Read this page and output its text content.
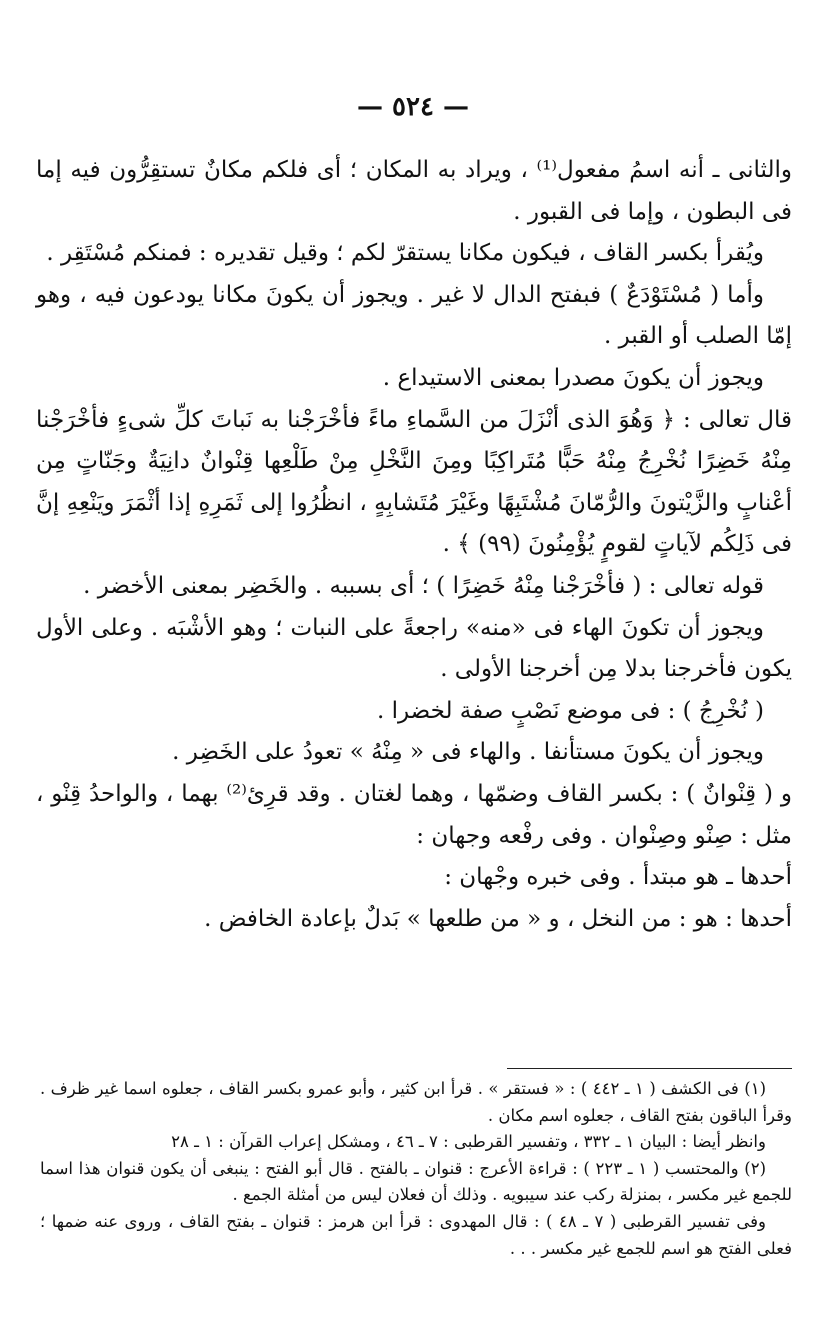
— ٥٢٤ —

والثانى ـ أنه اسمُ مفعول⁽¹⁾ ، ويراد به المكان ؛ أى فلكم مكانٌ تستقِرُّون فيه إما فى البطون ، وإما فى القبور .

ويُقرأ بكسر القاف ، فيكون مكانا يستقرّ لكم ؛ وقيل تقديره : فمنكم مُسْتَقِر .

وأما ( مُسْتَوْدَعٌ ) فبفتح الدال لا غير . ويجوز أن يكونَ مكانا يودعون فيه ، وهو إمّا الصلب أو القبر .

ويجوز أن يكونَ مصدرا بمعنى الاستيداع .

قال تعالى : ﴿ وَهُوَ الذى أنْزَلَ من السَّماءِ ماءً فأخْرَجْنا به نَباتَ كلِّ شىءٍ فأخْرَجْنا مِنْهُ خَضِرًا نُخْرِجُ مِنْهُ حَبًّا مُتَراكِبًا ومِنَ النَّخْلِ مِنْ طَلْعِها قِنْوانٌ دانِيَةٌ وجَنّاتٍ مِن أعْنابٍ والزَّيْتونَ والرُّمّانَ مُشْتَبِهًا وغَيْرَ مُتَشابِهٍ ، انظُرُوا إلى ثَمَرِهِ إذا أثْمَرَ ويَنْعِهِ إنَّ فى ذَلِكُم لآياتٍ لقومٍ يُؤْمِنُونَ (٩٩) ﴾ .

قوله تعالى : ( فأخْرَجْنا مِنْهُ خَضِرًا ) ؛ أى بسببه . والخَضِر بمعنى الأخضر .

ويجوز أن تكونَ الهاء فى «منه» راجعةً على النبات ؛ وهو الأشْبَه . وعلى الأول يكون فأخرجنا بدلا مِن أخرجنا الأولى .

( نُخْرِجُ ) : فى موضع نَصْبٍ صفة لخضرا .

ويجوز أن يكونَ مستأنفا . والهاء فى « مِنْهُ » تعودُ على الخَضِر .

و ( قِنْوانٌ ) : بكسر القاف وضمّها ، وهما لغتان . وقد قرِئ⁽²⁾ بهما ، والواحدُ قِنْو ، مثل : صِنْو وصِنْوان . وفى رفْعه وجهان :

أحدها ـ هو مبتدأ . وفى خبره وجْهان :

أحدها : هو : من النخل ، و « من طلعها » بَدلٌ بإعادة الخافض .

(١) فى الكشف ( ١ ـ ٤٤٢ ) : « فستقر » . قرأ ابن كثير ، وأبو عمرو بكسر القاف ، جعلوه اسما غير ظرف . وقرأ الباقون بفتح القاف ، جعلوه اسم مكان .

وانظر أيضا : البيان ١ ـ ٣٣٢ ، وتفسير القرطبى : ٧ ـ ٤٦ ، ومشكل إعراب القرآن : ١ ـ ٢٨

(٢) والمحتسب ( ١ ـ ٢٢٣ ) : قراءة الأعرج : قنوان ـ بالفتح . قال أبو الفتح : ينبغى أن يكون قنوان هذا اسما للجمع غير مكسر ، بمنزلة ركب عند سيبويه . وذلك أن فعلان ليس من أمثلة الجمع .

وفى تفسير القرطبى ( ٧ ـ ٤٨ ) : قال المهدوى : قرأ ابن هرمز : قنوان ـ بفتح القاف ، وروى عنه ضمها ؛ فعلى الفتح هو اسم للجمع غير مكسر . . .
